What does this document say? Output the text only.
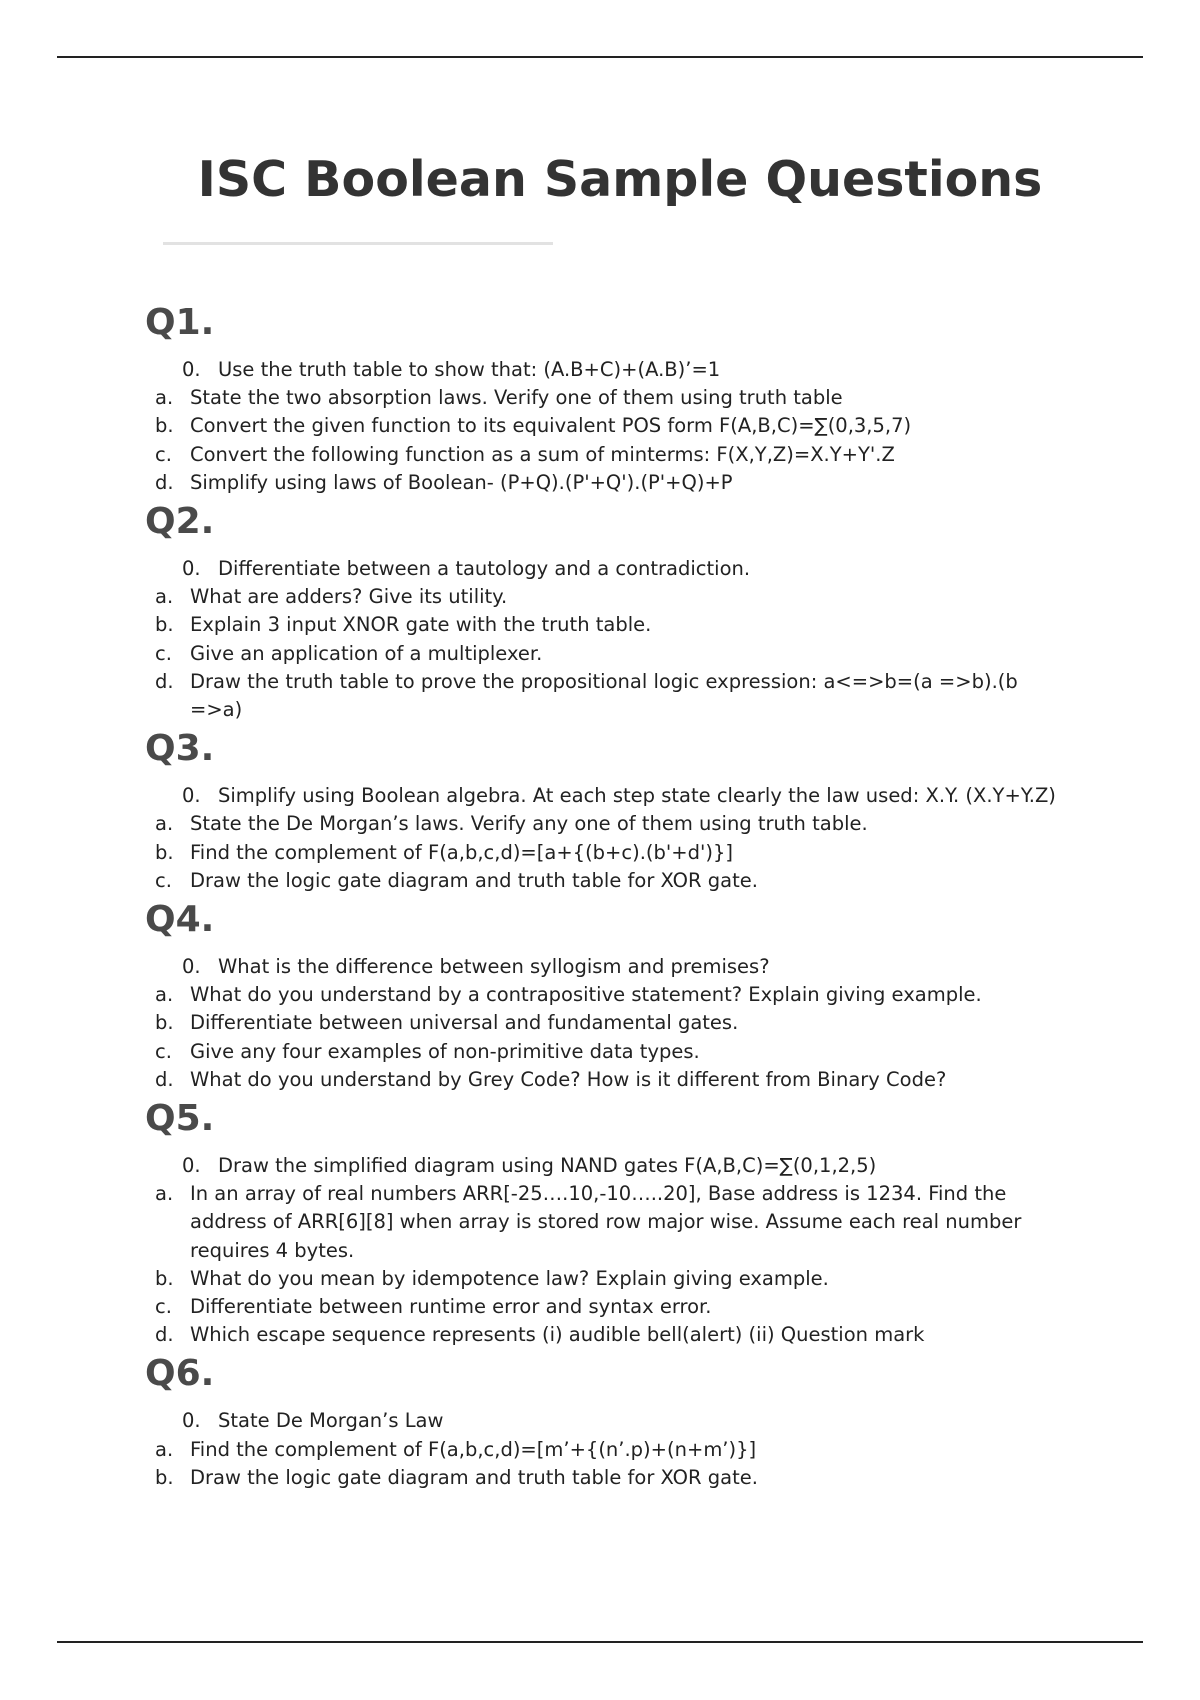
ISC Boolean Sample Questions
Q1.
0. Use the truth table to show that: (A.B+C)+(A.B)’=1
a. State the two absorption laws. Verify one of them using truth table
b. Convert the given function to its equivalent POS form F(A,B,C)=∑(0,3,5,7)
c. Convert the following function as a sum of minterms: F(X,Y,Z)=X.Y+Y'.Z
d. Simplify using laws of Boolean- (P+Q).(P'+Q').(P'+Q)+P
Q2.
0. Differentiate between a tautology and a contradiction.
a. What are adders? Give its utility.
b. Explain 3 input XNOR gate with the truth table.
c. Give an application of a multiplexer.
d. Draw the truth table to prove the propositional logic expression: a<=>b=(a =>b).(b =>a)
Q3.
0. Simplify using Boolean algebra. At each step state clearly the law used: X.Y. (X.Y+Y.Z)
a. State the De Morgan’s laws. Verify any one of them using truth table.
b. Find the complement of F(a,b,c,d)=[a+{(b+c).(b'+d')}]
c. Draw the logic gate diagram and truth table for XOR gate.
Q4.
0. What is the difference between syllogism and premises?
a. What do you understand by a contrapositive statement? Explain giving example.
b. Differentiate between universal and fundamental gates.
c. Give any four examples of non-primitive data types.
d. What do you understand by Grey Code? How is it different from Binary Code?
Q5.
0. Draw the simplified diagram using NAND gates F(A,B,C)=∑(0,1,2,5)
a. In an array of real numbers ARR[-25….10,-10…..20], Base address is 1234. Find the address of ARR[6][8] when array is stored row major wise. Assume each real number requires 4 bytes.
b. What do you mean by idempotence law? Explain giving example.
c. Differentiate between runtime error and syntax error.
d. Which escape sequence represents (i) audible bell(alert) (ii) Question mark
Q6.
0. State De Morgan’s Law
a. Find the complement of F(a,b,c,d)=[m’+{(n’.p)+(n+m’)}]
b. Draw the logic gate diagram and truth table for XOR gate.
